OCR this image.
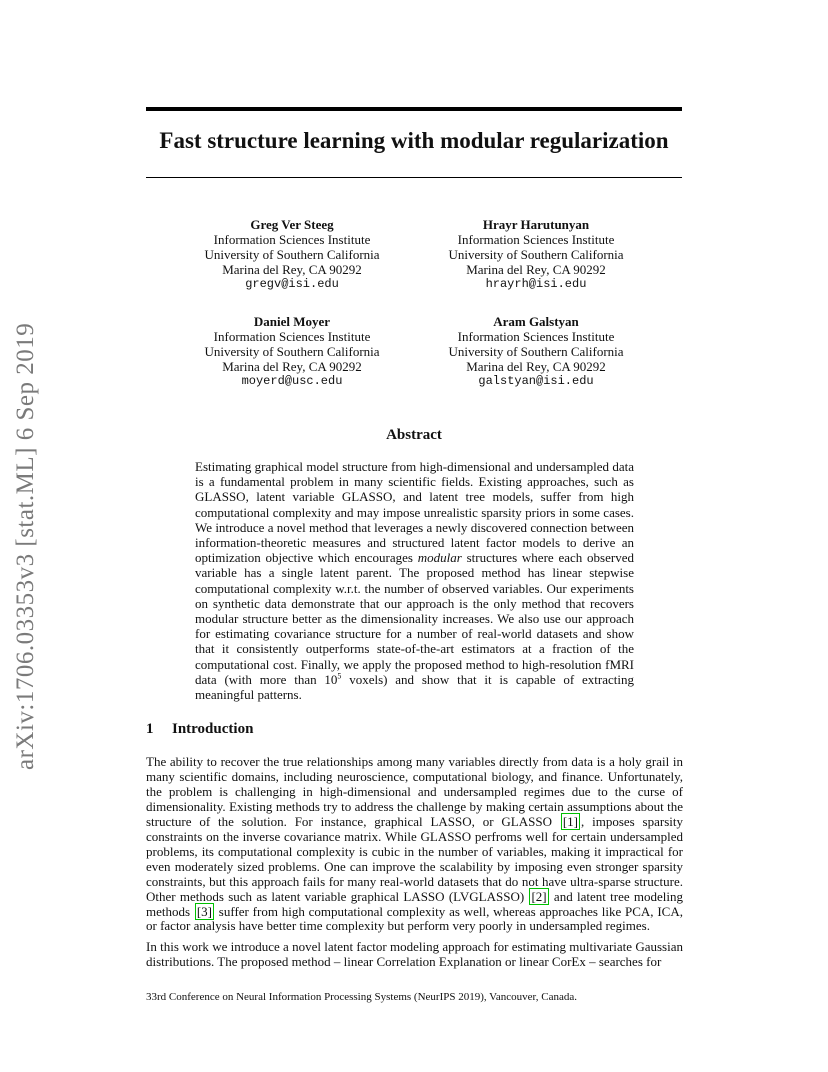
arXiv:1706.03353v3 [stat.ML] 6 Sep 2019
Fast structure learning with modular regularization
Greg Ver Steeg
Information Sciences Institute
University of Southern California
Marina del Rey, CA 90292
gregv@isi.edu
Hrayr Harutunyan
Information Sciences Institute
University of Southern California
Marina del Rey, CA 90292
hrayrh@isi.edu
Daniel Moyer
Information Sciences Institute
University of Southern California
Marina del Rey, CA 90292
moyerd@usc.edu
Aram Galstyan
Information Sciences Institute
University of Southern California
Marina del Rey, CA 90292
galstyan@isi.edu
Abstract

Estimating graphical model structure from high-dimensional and undersampled data is a fundamental problem in many scientific fields. Existing approaches, such as GLASSO, latent variable GLASSO, and latent tree models, suffer from high computational complexity and may impose unrealistic sparsity priors in some cases. We introduce a novel method that leverages a newly discovered connection between information-theoretic measures and structured latent factor models to derive an optimization objective which encourages modular structures where each observed variable has a single latent parent. The proposed method has linear stepwise computational complexity w.r.t. the number of observed variables. Our experiments on synthetic data demonstrate that our approach is the only method that recovers modular structure better as the dimensionality increases. We also use our approach for estimating covariance structure for a number of real-world datasets and show that it consistently outperforms state-of-the-art estimators at a fraction of the computational cost. Finally, we apply the proposed method to high-resolution fMRI data (with more than $10^5$ voxels) and show that it is capable of extracting meaningful patterns.

1 Introduction

The ability to recover the true relationships among many variables directly from data is a holy grail in many scientific domains, including neuroscience, computational biology, and finance. Unfortunately, the problem is challenging in high-dimensional and undersampled regimes due to the curse of dimensionality. Existing methods try to address the challenge by making certain assumptions about the structure of the solution. For instance, graphical LASSO, or GLASSO [1] , imposes sparsity constraints on the inverse covariance matrix. While GLASSO perfroms well for certain undersampled problems, its computational complexity is cubic in the number of variables, making it impractical for even moderately sized problems. One can improve the scalability by imposing even stronger sparsity constraints, but this approach fails for many real-world datasets that do not have ultra-sparse structure. Other methods such as latent variable graphical LASSO (LVGLASSO) [2] and latent tree modeling methods [3] suffer from high computational complexity as well, whereas approaches like PCA, ICA, or factor analysis have better time complexity but perform very poorly in undersampled regimes.

In this work we introduce a novel latent factor modeling approach for estimating multivariate Gaussian distributions. The proposed method – linear Correlation Explanation or linear CorEx – searches for

33rd Conference on Neural Information Processing Systems (NeurIPS 2019), Vancouver, Canada.
